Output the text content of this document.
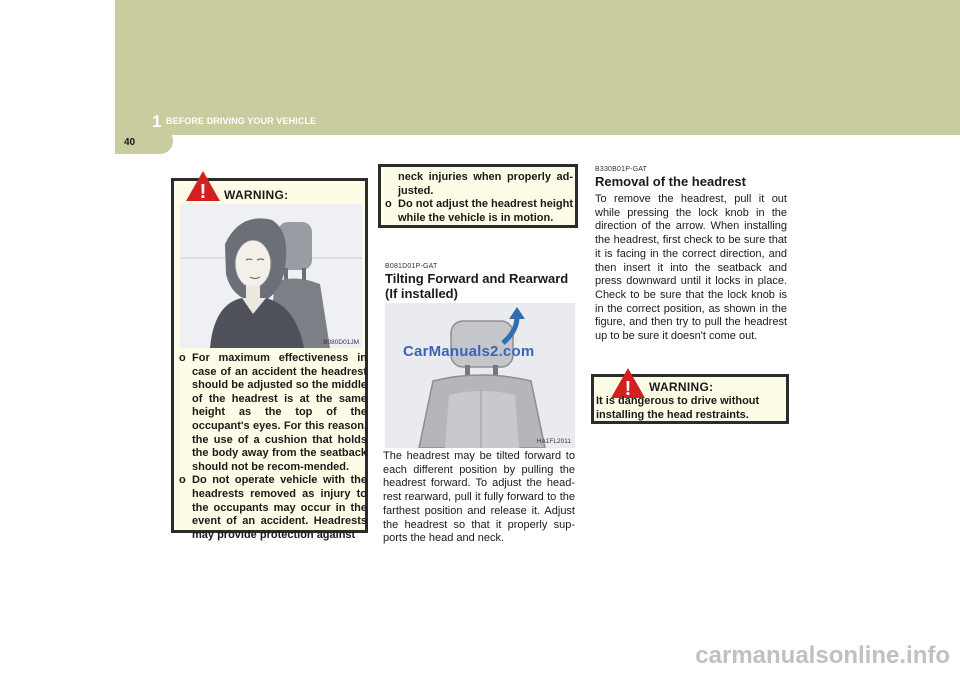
1 BEFORE DRIVING YOUR VEHICLE
40
! WARNING:
B080D01JM
o For maximum effectiveness in case of an accident the headrest should be adjusted so the middle of the headrest is at the same height as the top of the occupant's eyes. For this reason, the use of a cushion that holds the body away from the seatback should not be recom-mended.
o Do not operate vehicle with the headrests removed as injury to the occupants may occur in the event of an accident. Headrests may provide protection against
neck injuries when properly ad-justed.
o Do not adjust the headrest height while the vehicle is in motion.
B081D01P-GAT
Tilting Forward and Rearward (If installed)
CarManuals2.com
HA1FL2011
The headrest may be tilted forward to each different position by pulling the headrest forward. To adjust the head-rest rearward, pull it fully forward to the farthest position and release it. Adjust the headrest so that it properly sup-ports the head and neck.
B330B01P-GAT
Removal of the headrest
To remove the headrest, pull it out while pressing the lock knob in the direction of the arrow. When installing the headrest, first check to be sure that it is facing in the correct direction, and then insert it into the seatback and press downward until it locks in place. Check to be sure that the lock knob is in the correct position, as shown in the figure, and then try to pull the headrest up to be sure it doesn't come out.
! WARNING:
It is dangerous to drive without installing the head restraints.
carmanualsonline.info
